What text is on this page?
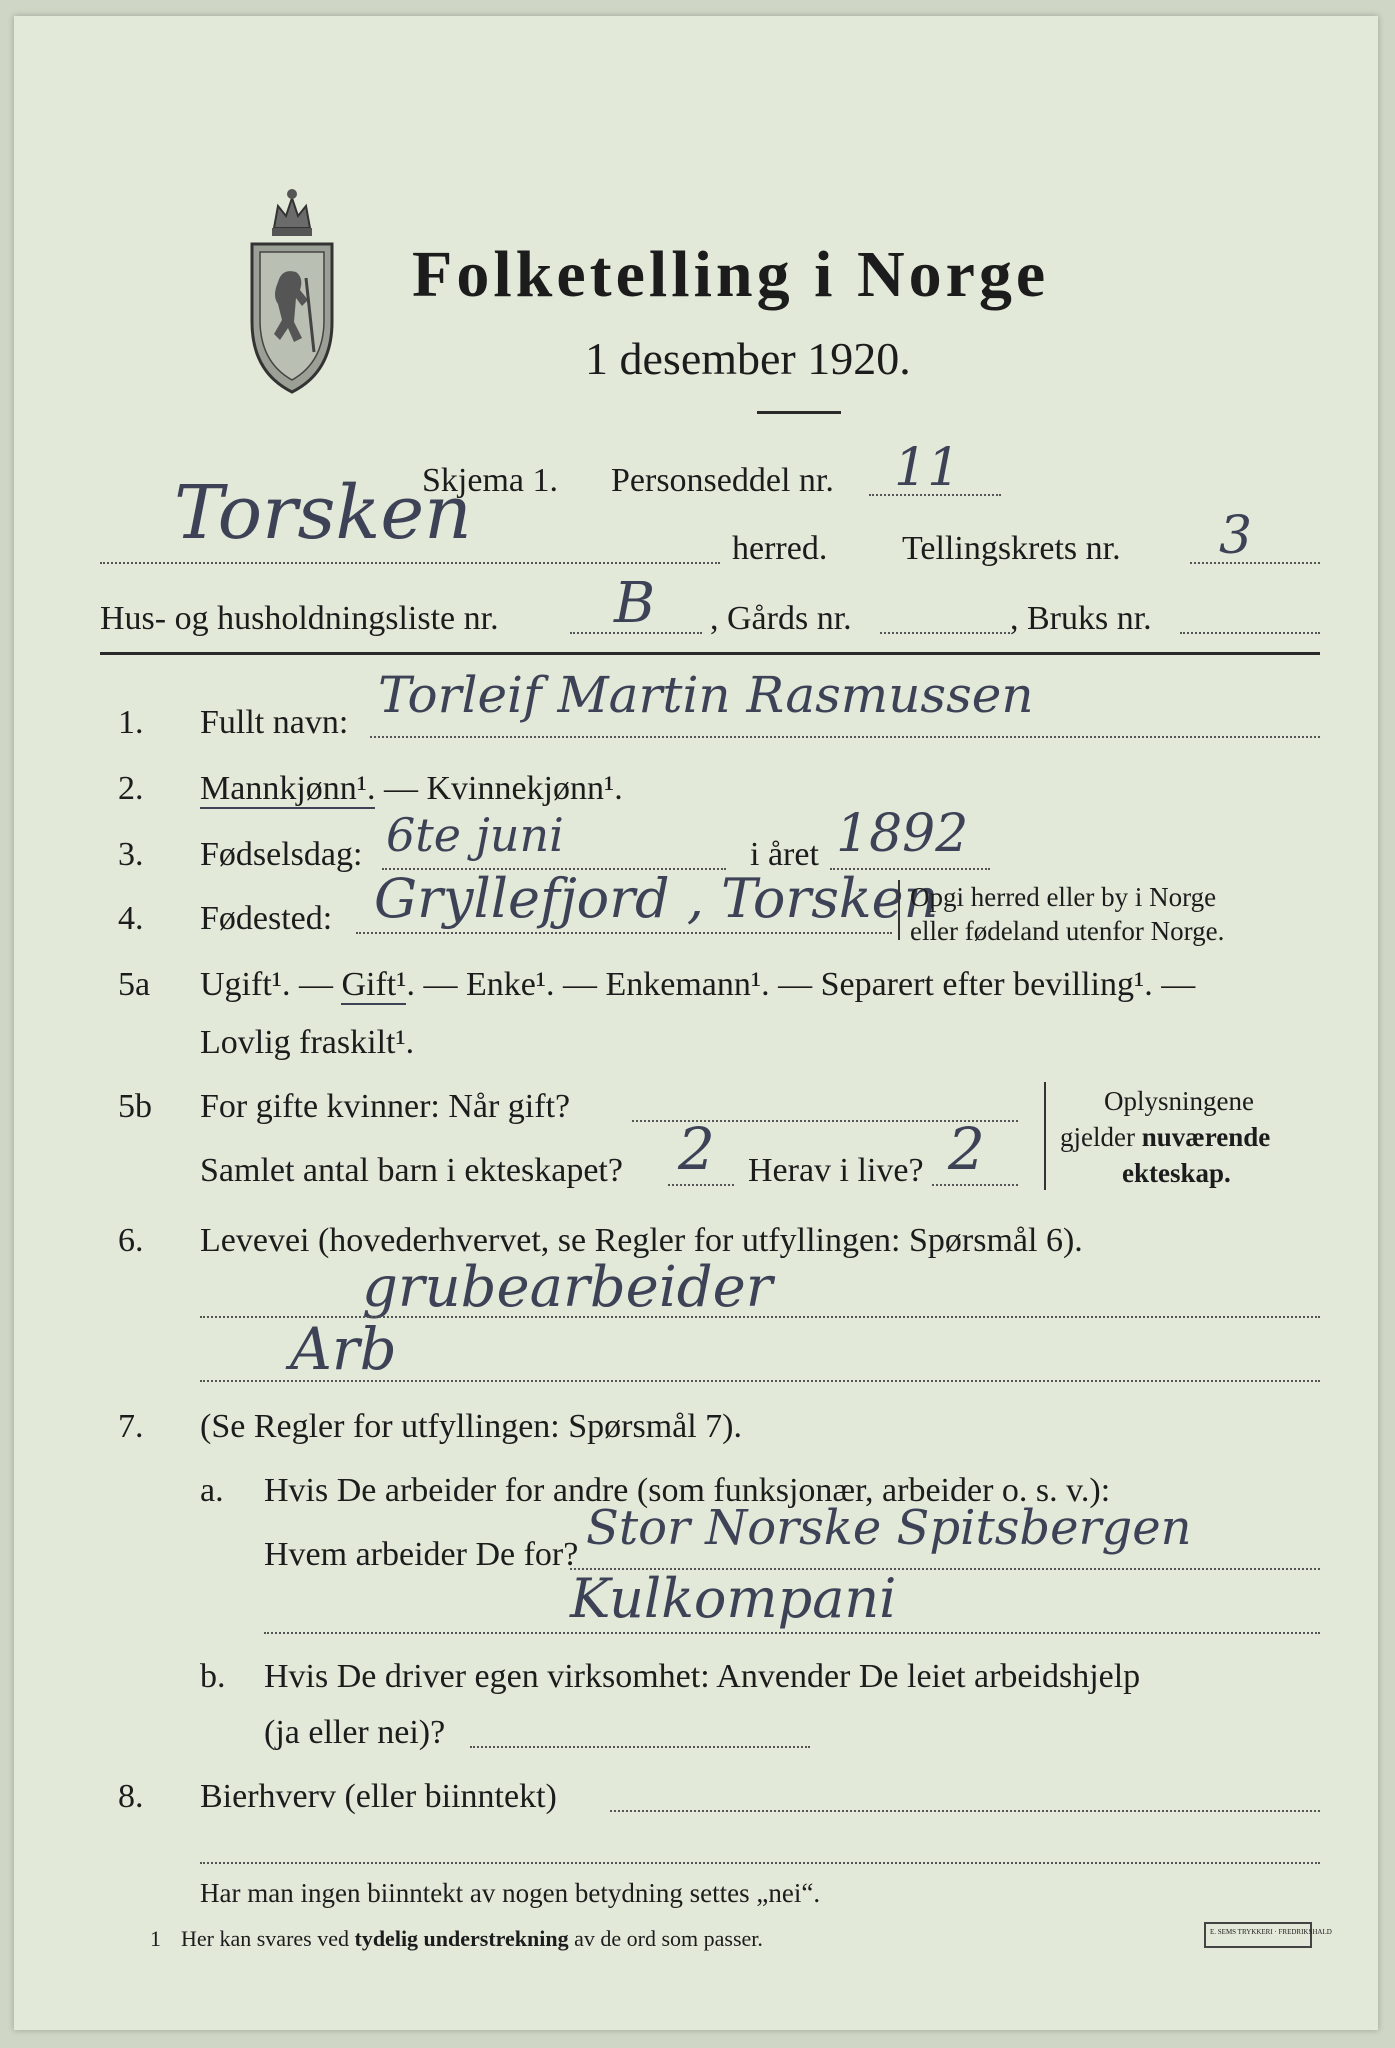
Folketelling i Norge
1 desember 1920.
Torsken
Skjema 1. Personseddel nr. 11
herred. Tellingskrets nr. 3
Hus- og husholdningsliste nr. B , Gårds nr.	, Bruks nr.
1. Fullt navn: Torleif Martin Rasmussen
2. Mannkjønn¹. — Kvinnekjønn¹.
3. Fødselsdag: 6te juni	i året 1892
4. Fødested: Gryllefjord , Torsken
Opgi herred eller by i Norge
eller fødeland utenfor Norge.
5a Ugift¹. — Gift¹. — Enke¹. — Enkemann¹. — Separert efter bevilling¹. —
Lovlig fraskilt¹.
5b For gifte kvinner: Når gift?
Samlet antal barn i ekteskapet? 2 Herav i live? 2
Oplysningene
gjelder nuværende
ekteskap.
6. Levevei (hovederhvervet, se Regler for utfyllingen: Spørsmål 6).
grubearbeider
Arb
7. (Se Regler for utfyllingen: Spørsmål 7).
a. Hvis De arbeider for andre (som funksjonær, arbeider o. s. v.):
Hvem arbeider De for? Stor Norske Spitsbergen
Kulkompani
b. Hvis De driver egen virksomhet: Anvender De leiet arbeidshjelp
(ja eller nei)?
8. Bierhverv (eller biinntekt)
Har man ingen biinntekt av nogen betydning settes „nei“.
1 Her kan svares ved tydelig understrekning av de ord som passer.	E. SEMS TRYKKERI · FREDRIKSHALD
